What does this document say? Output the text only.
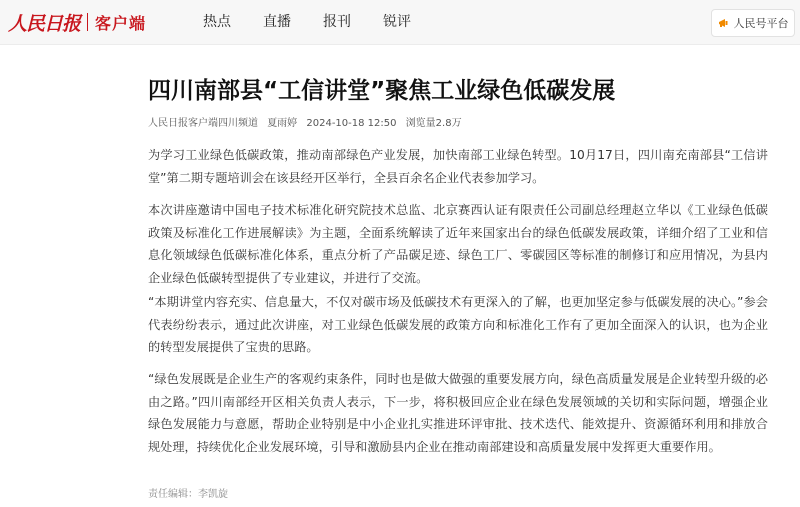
人民日报 客户端	热点 直播 报刊 锐评	人民号平台
四川南部县“工信讲堂”聚焦工业绿色低碳发展
人民日报客户端四川频道 夏雨婷 2024-10-18 12:50 浏览量2.8万

为学习工业绿色低碳政策，推动南部绿色产业发展，加快南部工业绿色转型。10月17日，四川南充南部县“工信讲堂”第二期专题培训会在该县经开区举行，全县百余名企业代表参加学习。

本次讲座邀请中国电子技术标准化研究院技术总监、北京赛西认证有限责任公司副总经理赵立华以《工业绿色低碳政策及标准化工作进展解读》为主题，全面系统解读了近年来国家出台的绿色低碳发展政策，详细介绍了工业和信息化领域绿色低碳标准化体系，重点分析了产品碳足迹、绿色工厂、零碳园区等标准的制修订和应用情况，为县内企业绿色低碳转型提供了专业建议，并进行了交流。

“本期讲堂内容充实、信息量大，不仅对碳市场及低碳技术有更深入的了解，也更加坚定参与低碳发展的决心。”参会代表纷纷表示，通过此次讲座，对工业绿色低碳发展的政策方向和标准化工作有了更加全面深入的认识，也为企业的转型发展提供了宝贵的思路。

“绿色发展既是企业生产的客观约束条件，同时也是做大做强的重要发展方向，绿色高质量发展是企业转型升级的必由之路。”四川南部经开区相关负责人表示，下一步，将积极回应企业在绿色发展领域的关切和实际问题，增强企业绿色发展能力与意愿，帮助企业特别是中小企业扎实推进环评审批、技术迭代、能效提升、资源循环利用和排放合规处理，持续优化企业发展环境，引导和激励县内企业在推动南部建设和高质量发展中发挥更大重要作用。

责任编辑：李凯旋
